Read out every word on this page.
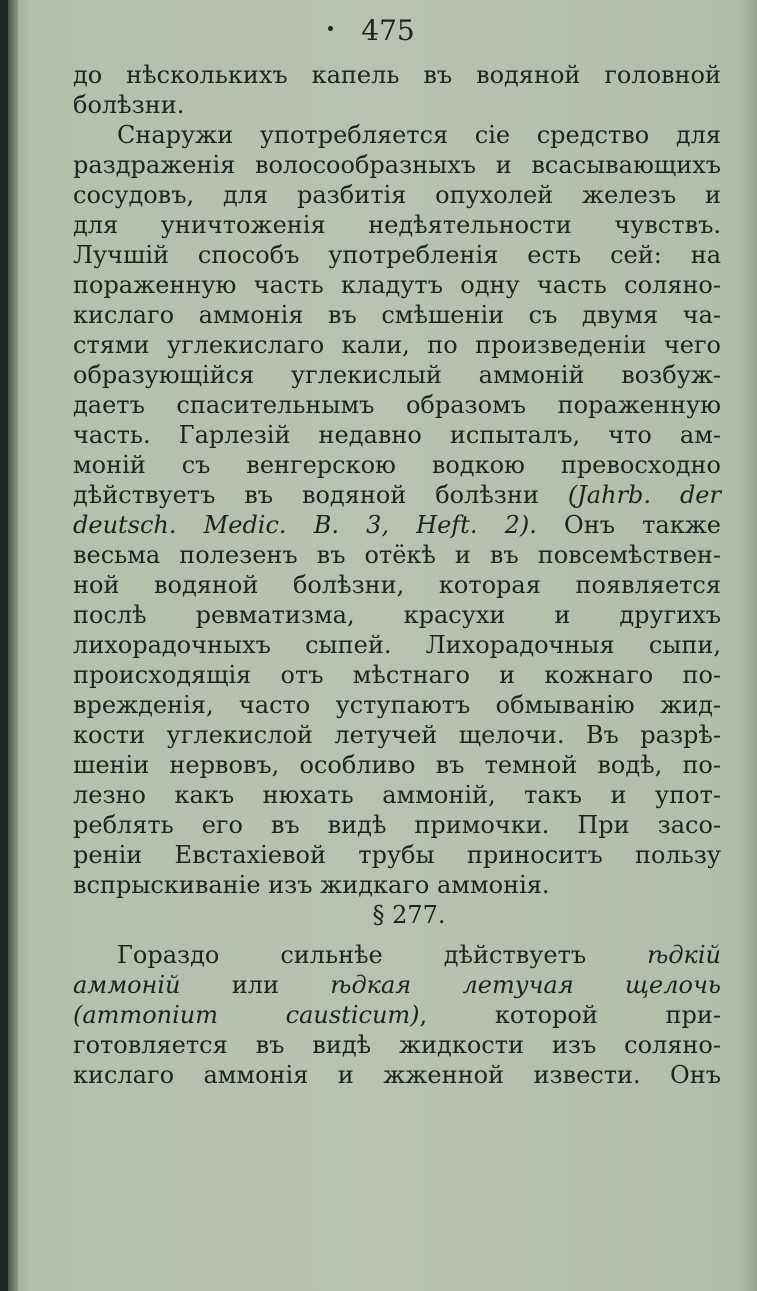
475
до нѣсколькихъ капель въ водяной головной
болѣзни.
Снаружи употребляется сіе средство для
раздраженія волосообразныхъ и всасывающихъ
сосудовъ, для разбитія опухолей железъ и
для уничтоженія недѣятельности чувствъ.
Лучшій способъ употребленія есть сей: на
пораженную часть кладутъ одну часть соляно-
кислаго аммонія въ смѣшеніи съ двумя ча-
стями углекислаго кали, по произведеніи чего
образующійся углекислый аммоній возбуж-
даетъ спасительнымъ образомъ пораженную
часть. Гарлезій недавно испыталъ, что ам-
моній съ венгерскою водкою превосходно
дѣйствуетъ въ водяной болѣзни (Jahrb. der
deutsch. Medic. B. 3, Heft. 2). Онъ также
весьма полезенъ въ отёкѣ и въ повсемѣствен-
ной водяной болѣзни, которая появляется
послѣ ревматизма, красухи и другихъ
лихорадочныхъ сыпей. Лихорадочныя сыпи,
происходящія отъ мѣстнаго и кожнаго по-
врежденія, часто уступаютъ обмыванію жид-
кости углекислой летучей щелочи. Въ разрѣ-
шеніи нервовъ, особливо въ темной водѣ, по-
лезно какъ нюхать аммоній, такъ и упот-
реблять его въ видѣ примочки. При засо-
реніи Евстахіевой трубы приноситъ пользу
вспрыскиваніе изъ жидкаго аммонія.
§ 277.
Гораздо сильнѣе дѣйствуетъ	ѣдкій
аммоній или ѣдкая летучая щелочь
(ammonium causticum), которой при-
готовляется въ видѣ жидкости изъ соляно-
кислаго аммонія и жженной извести. Онъ
